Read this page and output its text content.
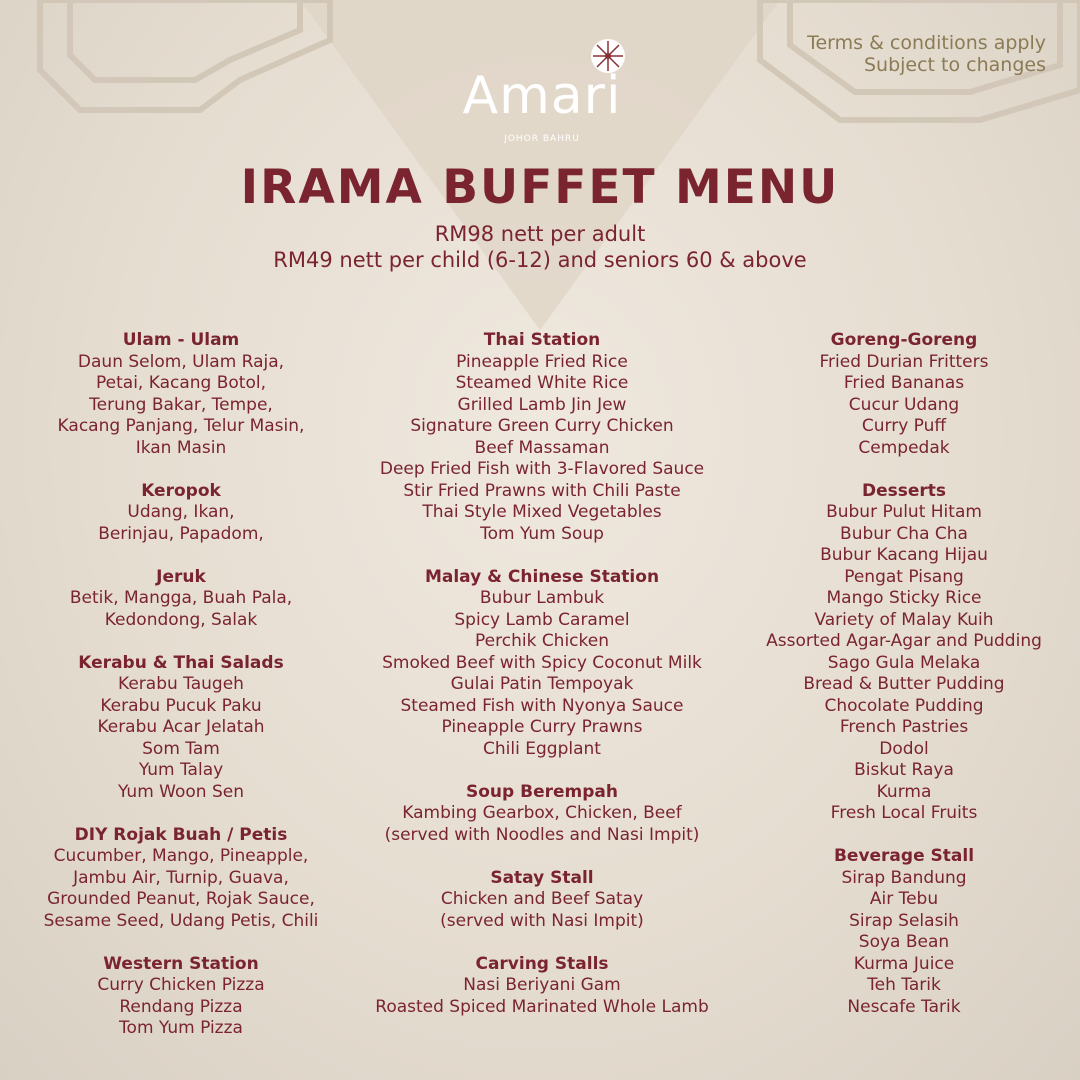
Terms & conditions apply
Subject to changes
Amari
JOHOR BAHRU
IRAMA BUFFET MENU
RM98 nett per adult
RM49 nett per child (6-12) and seniors 60 & above
Ulam - Ulam
Daun Selom, Ulam Raja,
Petai, Kacang Botol,
Terung Bakar, Tempe,
Kacang Panjang, Telur Masin,
Ikan Masin
Keropok
Udang, Ikan,
Berinjau, Papadom,
Jeruk
Betik, Mangga, Buah Pala,
Kedondong, Salak
Kerabu & Thai Salads
Kerabu Taugeh
Kerabu Pucuk Paku
Kerabu Acar Jelatah
Som Tam
Yum Talay
Yum Woon Sen
DIY Rojak Buah / Petis
Cucumber, Mango, Pineapple,
Jambu Air, Turnip, Guava,
Grounded Peanut, Rojak Sauce,
Sesame Seed, Udang Petis, Chili
Western Station
Curry Chicken Pizza
Rendang Pizza
Tom Yum Pizza
Thai Station
Pineapple Fried Rice
Steamed White Rice
Grilled Lamb Jin Jew
Signature Green Curry Chicken
Beef Massaman
Deep Fried Fish with 3-Flavored Sauce
Stir Fried Prawns with Chili Paste
Thai Style Mixed Vegetables
Tom Yum Soup
Malay & Chinese Station
Bubur Lambuk
Spicy Lamb Caramel
Perchik Chicken
Smoked Beef with Spicy Coconut Milk
Gulai Patin Tempoyak
Steamed Fish with Nyonya Sauce
Pineapple Curry Prawns
Chili Eggplant
Soup Berempah
Kambing Gearbox, Chicken, Beef
(served with Noodles and Nasi Impit)
Satay Stall
Chicken and Beef Satay
(served with Nasi Impit)
Carving Stalls
Nasi Beriyani Gam
Roasted Spiced Marinated Whole Lamb
Goreng-Goreng
Fried Durian Fritters
Fried Bananas
Cucur Udang
Curry Puff
Cempedak
Desserts
Bubur Pulut Hitam
Bubur Cha Cha
Bubur Kacang Hijau
Pengat Pisang
Mango Sticky Rice
Variety of Malay Kuih
Assorted Agar-Agar and Pudding
Sago Gula Melaka
Bread & Butter Pudding
Chocolate Pudding
French Pastries
Dodol
Biskut Raya
Kurma
Fresh Local Fruits
Beverage Stall
Sirap Bandung
Air Tebu
Sirap Selasih
Soya Bean
Kurma Juice
Teh Tarik
Nescafe Tarik
